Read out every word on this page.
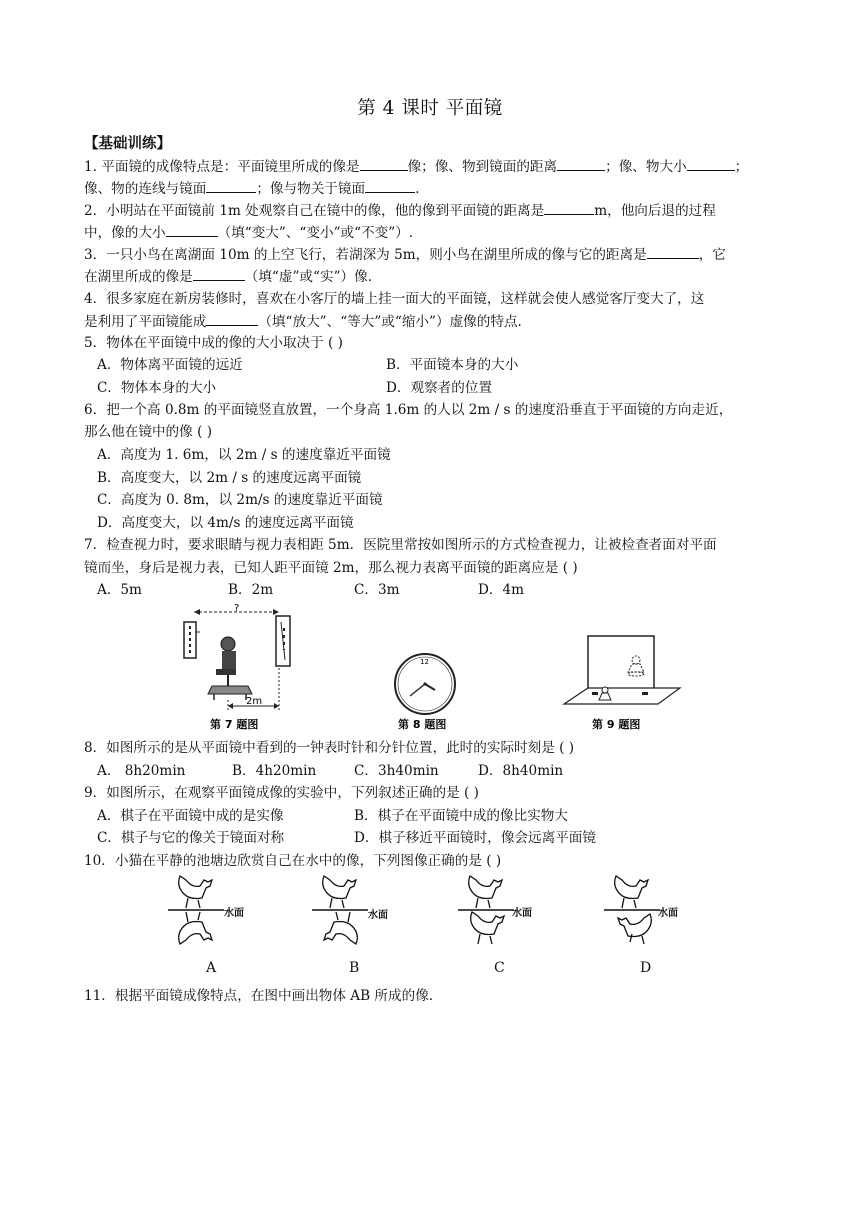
第 4 课时 平面镜
【基础训练】
1. 平面镜的成像特点是：平面镜里所成的像是	像；像、物到镜面的距离	；像、物大小	；
像、物的连线与镜面	；像与物关于镜面	.
2．小明站在平面镜前 1m 处观察自己在镜中的像，他的像到平面镜的距离是	m，他向后退的过程
中，像的大小	（填“变大”、“变小”或“不变”）.
3．一只小鸟在离湖面 10m 的上空飞行，若湖深为 5m，则小鸟在湖里所成的像与它的距离是	，它
在湖里所成的像是	（填“虚”或“实”）像.
4．很多家庭在新房装修时，喜欢在小客厅的墙上挂一面大的平面镜，这样就会使人感觉客厅变大了，这
是利用了平面镜能成	（填“放大”、“等大”或“缩小”）虚像的特点.
5．物体在平面镜中成的像的大小取决于 ( )
A．物体离平面镜的远近	B．平面镜本身的大小
C．物体本身的大小	D．观察者的位置
6．把一个高 0.8m 的平面镜竖直放置，一个身高 1.6m 的人以 2m / s 的速度沿垂直于平面镜的方向走近，
那么他在镜中的像 ( )
A．高度为 1. 6m，以 2m / s 的速度靠近平面镜
B．高度变大，以 2m / s 的速度远离平面镜
C．高度为 0. 8m，以 2m/s 的速度靠近平面镜
D．高度变大，以 4m/s 的速度远离平面镜
7．检查视力时，要求眼睛与视力表相距 5m．医院里常按如图所示的方式检查视力，让被检查者面对平面
镜而坐，身后是视力表，已知人距平面镜 2m，那么视力表离平面镜的距离应是 ( )
A．5m	B．2m	C．3m	D．4m
?
2m
第 7 题图
12
第 8 题图	第 9 题图
8．如图所示的是从平面镜中看到的一钟表时针和分针位置，此时的实际时刻是 ( )
A． 8h20min	B．4h20min	C．3h40min	D．8h40min
9．如图所示，在观察平面镜成像的实验中，下列叙述正确的是 ( )
A．棋子在平面镜中成的是实像	B．棋子在平面镜中成的像比实物大
C．棋子与它的像关于镜面对称	D．棋子移近平面镜时，像会远离平面镜
10．小猫在平静的池塘边欣赏自己在水中的像，下列图像正确的是 ( )
水面
A
水面
B
水面
C
水面
D
11．根据平面镜成像特点，在图中画出物体 AB 所成的像.
